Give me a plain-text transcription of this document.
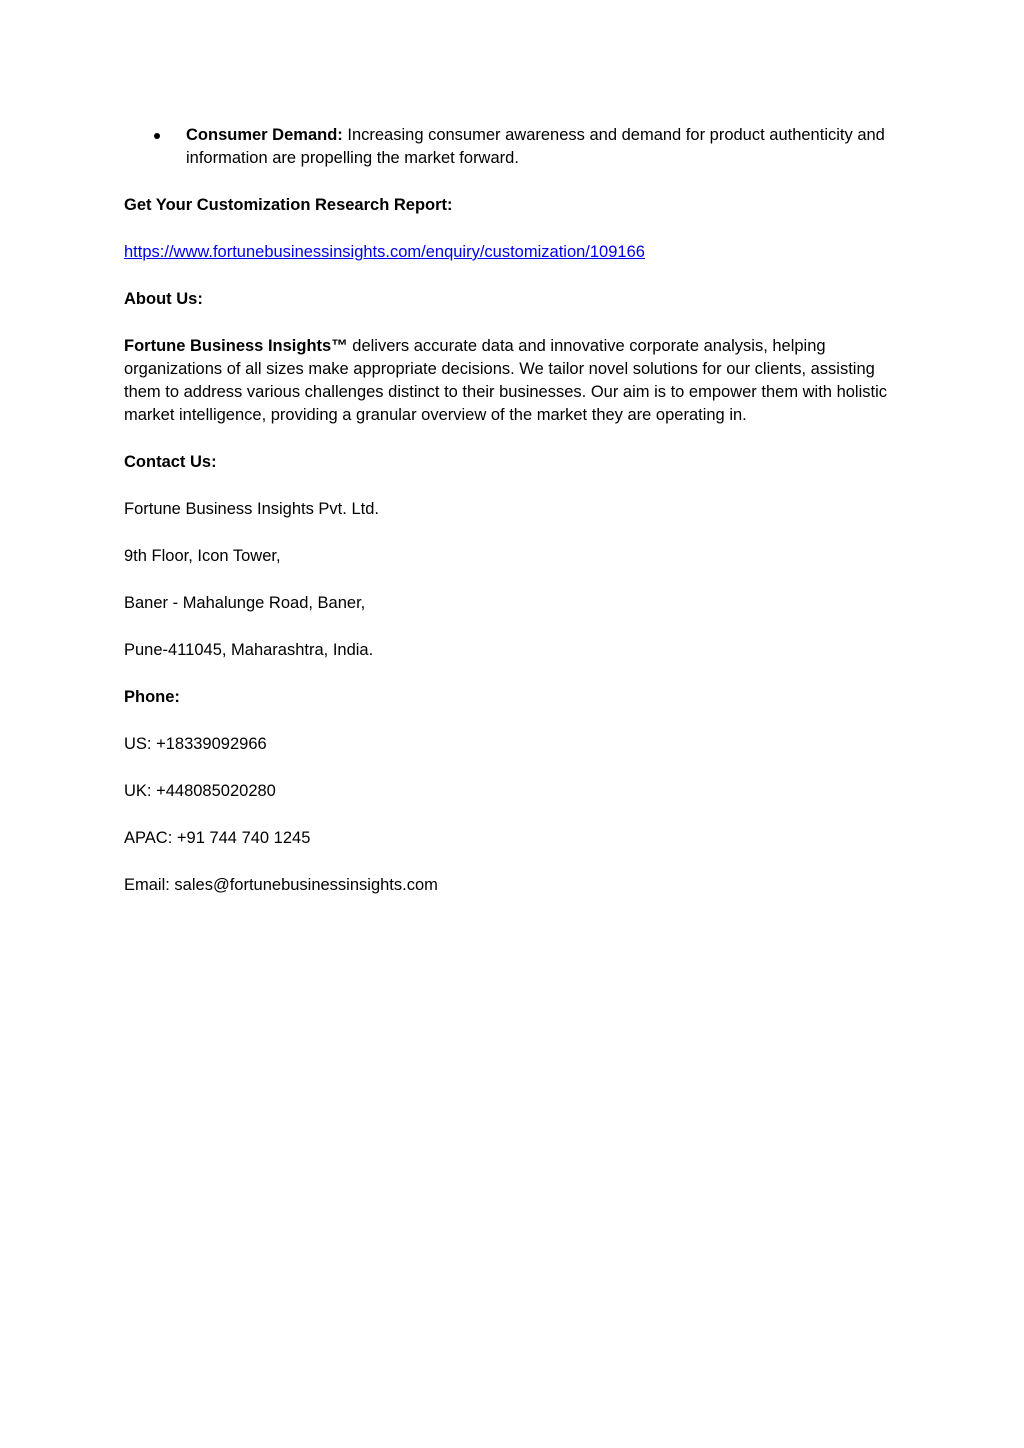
Consumer Demand: Increasing consumer awareness and demand for product authenticity and information are propelling the market forward.

Get Your Customization Research Report:

https://www.fortunebusinessinsights.com/enquiry/customization/109166

About Us:

Fortune Business Insights™ delivers accurate data and innovative corporate analysis, helping organizations of all sizes make appropriate decisions. We tailor novel solutions for our clients, assisting them to address various challenges distinct to their businesses. Our aim is to empower them with holistic market intelligence, providing a granular overview of the market they are operating in.

Contact Us:

Fortune Business Insights Pvt. Ltd.

9th Floor, Icon Tower,

Baner - Mahalunge Road, Baner,

Pune-411045, Maharashtra, India.

Phone:

US: +18339092966

UK: +448085020280

APAC: +91 744 740 1245

Email: sales@fortunebusinessinsights.com
